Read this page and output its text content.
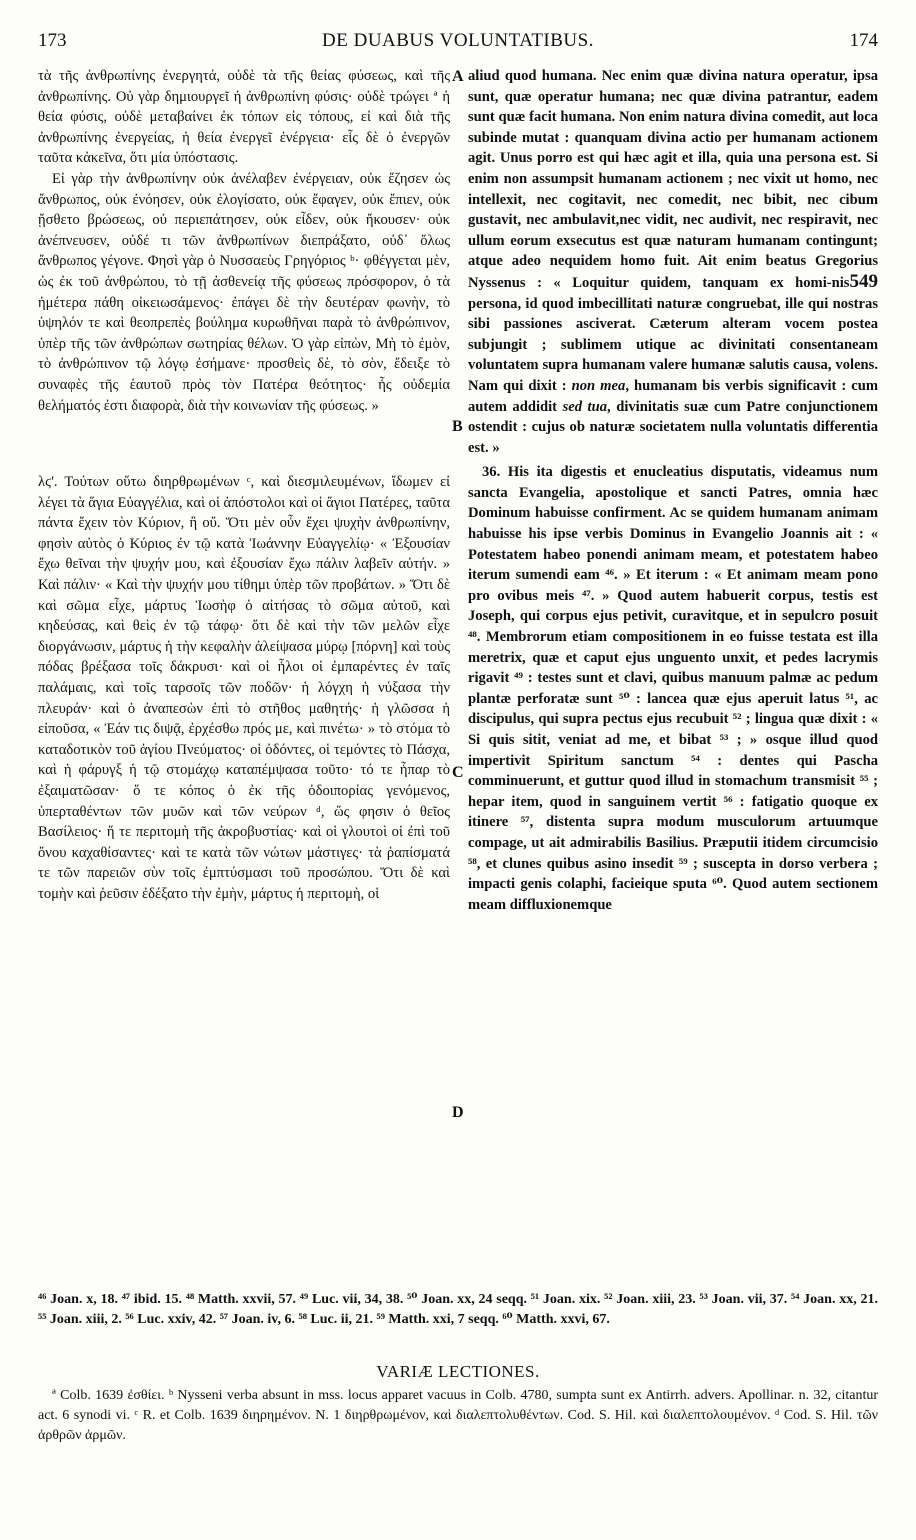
173	DE DUABUS VOLUNTATIBUS.	174

τὰ τῆς ἀνθρωπίνης ἐνεργητά, οὐδὲ τὰ τῆς θείας φύσεως, καὶ τῆς ἀνθρωπίνης. Οὐ γὰρ δημιουργεῖ ἡ ἀνθρωπίνη φύσις· οὐδὲ τρώγει ª ἡ θεία φύσις, οὐδὲ μεταβαίνει ἐκ τόπων εἰς τόπους, εἰ καὶ διὰ τῆς ἀνθρωπίνης ἐνεργείας, ἡ θεία ἐνεργεῖ ἐνέργεια· εἷς δὲ ὁ ἐνεργῶν ταῦτα κἀκεῖνα, ὅτι μία ὑπόστασις.

Εἰ γὰρ τὴν ἀνθρωπίνην οὐκ ἀνέλαβεν ἐνέργειαν, οὐκ ἔζησεν ὡς ἄνθρωπος, οὐκ ἐνόησεν, οὐκ ἐλογίσατο, οὐκ ἔφαγεν, οὐκ ἔπιεν, οὐκ ᾔσθετο βρώσεως, οὐ περιεπάτησεν, οὐκ εἶδεν, οὐκ ἤκουσεν· οὐκ ἀνέπνευσεν, οὐδέ τι τῶν ἀνθρωπίνων διεπράξατο, οὐδ᾽ ὅλως ἄνθρωπος γέγονε. Φησὶ γὰρ ὁ Νυσσαεὺς Γρηγόριος ᵇ· φθέγγεται μὲν, ὡς ἐκ τοῦ ἀνθρώπου, τὸ τῇ ἀσθενείᾳ τῆς φύσεως πρόσφορον, ὁ τὰ ἡμέτερα πάθη οἰκειωσάμενος· ἐπάγει δὲ τὴν δευτέραν φωνὴν, τὸ ὑψηλόν τε καὶ θεοπρεπὲς βούλημα κυρωθῆναι παρὰ τὸ ἀνθρώπινον, ὑπὲρ τῆς τῶν ἀνθρώπων σωτηρίας θέλων. Ὁ γὰρ εἰπὼν, Μὴ τὸ ἐμὸν, τὸ ἀνθρώπινον τῷ λόγῳ ἐσήμανε· προσθεὶς δὲ, τὸ σὸν, ἔδειξε τὸ συναφὲς τῆς ἑαυτοῦ πρὸς τὸν Πατέρα θεότητος· ἧς οὐδεμία θελήματός ἐστι διαφορὰ, διὰ τὴν κοινωνίαν τῆς φύσεως. »

λϛ'. Τούτων οὕτω διηρθρωμένων ᶜ, καὶ διεσμιλευμένων, ἴδωμεν εἰ λέγει τὰ ἅγια Εὐαγγέλια, καὶ οἱ ἀπόστολοι καὶ οἱ ἅγιοι Πατέρες, ταῦτα πάντα ἔχειν τὸν Κύριον, ἢ οὔ. Ὅτι μὲν οὖν ἔχει ψυχὴν ἀνθρωπίνην, φησὶν αὐτὸς ὁ Κύριος ἐν τῷ κατὰ Ἰωάννην Εὐαγγελίῳ· « Ἐξουσίαν ἔχω θεῖναι τὴν ψυχήν μου, καὶ ἐξουσίαν ἔχω πάλιν λαβεῖν αὐτήν. » Καὶ πάλιν· « Καὶ τὴν ψυχήν μου τίθημι ὑπὲρ τῶν προβάτων. » Ὅτι δὲ καὶ σῶμα εἶχε, μάρτυς Ἰωσὴφ ὁ αἰτήσας τὸ σῶμα αὐτοῦ, καὶ κηδεύσας, καὶ θεὶς ἐν τῷ τάφῳ· ὅτι δὲ καὶ τὴν τῶν μελῶν εἶχε διοργάνωσιν, μάρτυς ἡ τὴν κεφαλὴν ἀλείψασα μύρῳ [πόρνη] καὶ τοὺς πόδας βρέξασα τοῖς δάκρυσι· καὶ οἱ ἧλοι οἱ ἐμπαρέντες ἐν ταῖς παλάμαις, καὶ τοῖς ταρσοῖς τῶν ποδῶν· ἡ λόγχη ἡ νύξασα τὴν πλευράν· καὶ ὁ ἀναπεσὼν ἐπὶ τὸ στῆθος μαθητής· ἡ γλῶσσα ἡ εἰποῦσα, « Ἐάν τις διψᾷ, ἐρχέσθω πρός με, καὶ πινέτω· » τὸ στόμα τὸ καταδοτικὸν τοῦ ἁγίου Πνεύματος· οἱ ὀδόντες, οἱ τεμόντες τὸ Πάσχα, καὶ ἡ φάρυγξ ἡ τῷ στομάχῳ καταπέμψασα τοῦτο· τό τε ἧπαρ τὸ ἐξαιματῶσαν· ὅ τε κόπος ὁ ἐκ τῆς ὁδοιπορίας γενόμενος, ὑπερταθέντων τῶν μυῶν καὶ τῶν νεύρων ᵈ, ὥς φησιν ὁ θεῖος Βασίλειος· ἥ τε περιτομὴ τῆς ἀκροβυστίας· καὶ οἱ γλουτοὶ οἱ ἐπὶ τοῦ ὄνου καχαθίσαντες· καὶ τε κατὰ τῶν νώτων μάστιγες· τὰ ῥαπίσματά τε τῶν παρειῶν σὺν τοῖς ἐμπτύσμασι τοῦ προσώπου. Ὅτι δὲ καὶ τομὴν καὶ ῥεῦσιν ἐδέξατο τὴν ἐμὴν, μάρτυς ἡ περιτομὴ, οἱ

A
B
C
D

aliud quod humana. Nec enim quæ divina natura operatur, ipsa sunt, quæ operatur humana; nec quæ divina patrantur, eadem sunt quæ facit humana. Non enim natura divina comedit, aut loca subinde mutat : quanquam divina actio per humanam actionem agit. Unus porro est qui hæc agit et illa, quia una persona est. Si enim non assumpsit humanam actionem ; nec vixit ut homo, nec intellexit, nec cogitavit, nec comedit, nec bibit, nec cibum gustavit, nec ambulavit,nec vidit, nec audivit, nec respiravit, nec ullum eorum exsecutus est quæ naturam humanam contingunt; atque adeo nequidem homo fuit. Ait enim beatus Gregorius Nyssenus : « Loquitur quidem, tanquam ex homi-nis549 persona, id quod imbecillitati naturæ congruebat, ille qui nostras sibi passiones asciverat. Cæterum alteram vocem postea subjungit ; sublimem utique ac divinitati consentaneam voluntatem supra humanam valere humanæ salutis causa, volens. Nam qui dixit : non mea, humanam bis verbis significavit : cum autem addidit sed tua, divinitatis suæ cum Patre conjunctionem ostendit : cujus ob naturæ societatem nulla voluntatis differentia est. »

36. His ita digestis et enucleatius disputatis, videamus num sancta Evangelia, apostolique et sancti Patres, omnia hæc Dominum habuisse confirment. Ac se quidem humanam animam habuisse his ipse verbis Dominus in Evangelio Joannis ait : « Potestatem habeo ponendi animam meam, et potestatem habeo iterum sumendi eam ⁴⁶. » Et iterum : « Et animam meam pono pro ovibus meis ⁴⁷. » Quod autem habuerit corpus, testis est Joseph, qui corpus ejus petivit, curavitque, et in sepulcro posuit ⁴⁸. Membrorum etiam compositionem in eo fuisse testata est illa meretrix, quæ et caput ejus unguento unxit, et pedes lacrymis rigavit ⁴⁹ : testes sunt et clavi, quibus manuum palmæ ac pedum plantæ perforatæ sunt ⁵⁰ : lancea quæ ejus aperuit latus ⁵¹, ac discipulus, qui supra pectus ejus recubuit ⁵² ; lingua quæ dixit : « Si quis sitit, veniat ad me, et bibat ⁵³ ; » osque illud quod impertivit Spiritum sanctum ⁵⁴ : dentes qui Pascha comminuerunt, et guttur quod illud in stomachum transmisit ⁵⁵ ; hepar item, quod in sanguinem vertit ⁵⁶ : fatigatio quoque ex itinere ⁵⁷, distenta supra modum musculorum artuumque compage, ut ait admirabilis Basilius. Præputii itidem circumcisio ⁵⁸, et clunes quibus asino insedit ⁵⁹ ; suscepta in dorso verbera ; impacti genis colaphi, facieique sputa ⁶⁰. Quod autem sectionem meam diffluxionemque

⁴⁶ Joan. x, 18. ⁴⁷ ibid. 15. ⁴⁸ Matth. xxvii, 57. ⁴⁹ Luc. vii, 34, 38. ⁵⁰ Joan. xx, 24 seqq. ⁵¹ Joan. xix. ⁵² Joan. xiii, 23. ⁵³ Joan. vii, 37. ⁵⁴ Joan. xx, 21. ⁵⁵ Joan. xiii, 2. ⁵⁶ Luc. xxiv, 42. ⁵⁷ Joan. iv, 6. ⁵⁸ Luc. ii, 21. ⁵⁹ Matth. xxi, 7 seqq. ⁶⁰ Matth. xxvi, 67.
VARIÆ LECTIONES.

ª Colb. 1639 ἐσθίει. ᵇ Nysseni verba absunt in mss. locus apparet vacuus in Colb. 4780, sumpta sunt ex Antirrh. advers. Apollinar. n. 32, citantur act. 6 synodi vi. ᶜ R. et Colb. 1639 διηρημένον. N. 1 διηρθρωμένον, καὶ διαλεπτολυθέντων. Cod. S. Hil. καὶ διαλεπτολουμένον. ᵈ Cod. S. Hil. τῶν ἀρθρῶν ἁρμῶν.
